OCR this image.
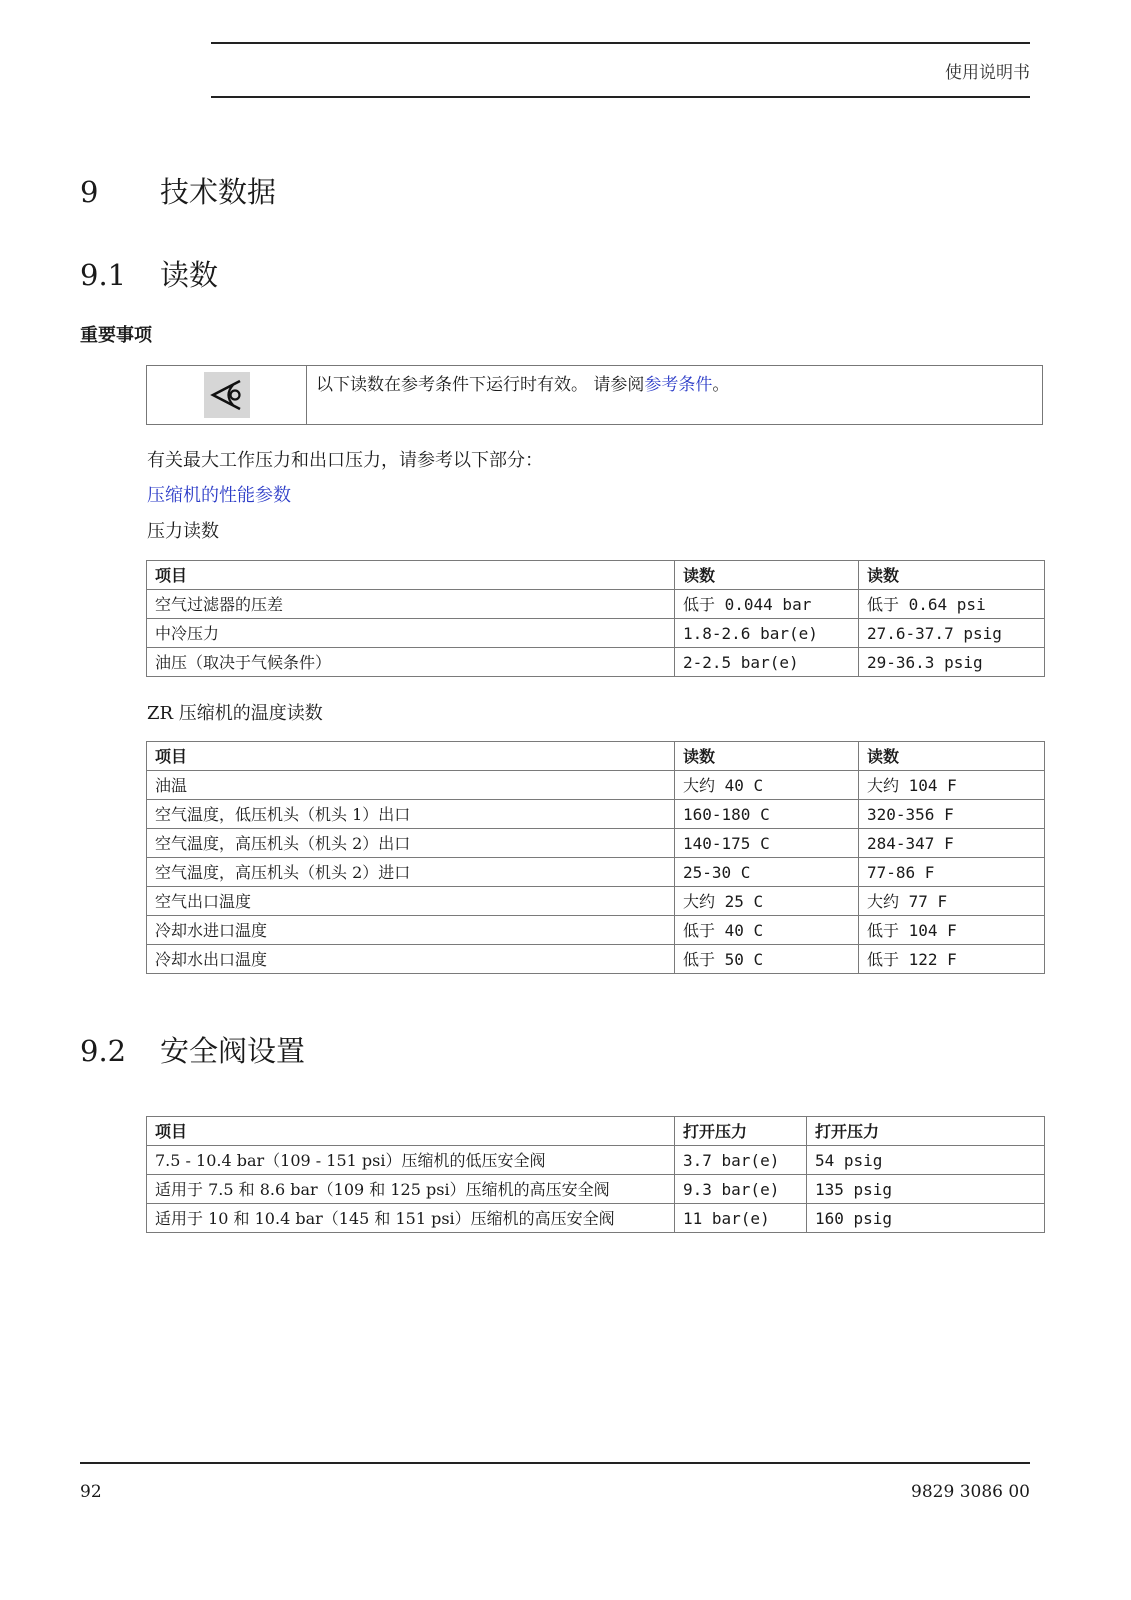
使用说明书
9 技术数据
9.1 读数
重要事项
以下读数在参考条件下运行时有效。 请参阅参考条件。
有关最大工作压力和出口压力，请参考以下部分：
压缩机的性能参数
压力读数
项目	读数	读数
空气过滤器的压差	低于 0.044 bar	低于 0.64 psi
中冷压力	1.8-2.6 bar(e)	27.6-37.7 psig
油压（取决于气候条件）	2-2.5 bar(e)	29-36.3 psig
ZR 压缩机的温度读数
项目	读数	读数
油温	大约 40 C	大约 104 F
空气温度，低压机头（机头 1）出口	160-180 C	320-356 F
空气温度，高压机头（机头 2）出口	140-175 C	284-347 F
空气温度，高压机头（机头 2）进口	25-30 C	77-86 F
空气出口温度	大约 25 C	大约 77 F
冷却水进口温度	低于 40 C	低于 104 F
冷却水出口温度	低于 50 C	低于 122 F
9.2 安全阀设置
项目	打开压力	打开压力
7.5 - 10.4 bar（109 - 151 psi）压缩机的低压安全阀	3.7 bar(e)	54 psig
适用于 7.5 和 8.6 bar（109 和 125 psi）压缩机的高压安全阀	9.3 bar(e)	135 psig
适用于 10 和 10.4 bar（145 和 151 psi）压缩机的高压安全阀	11 bar(e)	160 psig
92	9829 3086 00
